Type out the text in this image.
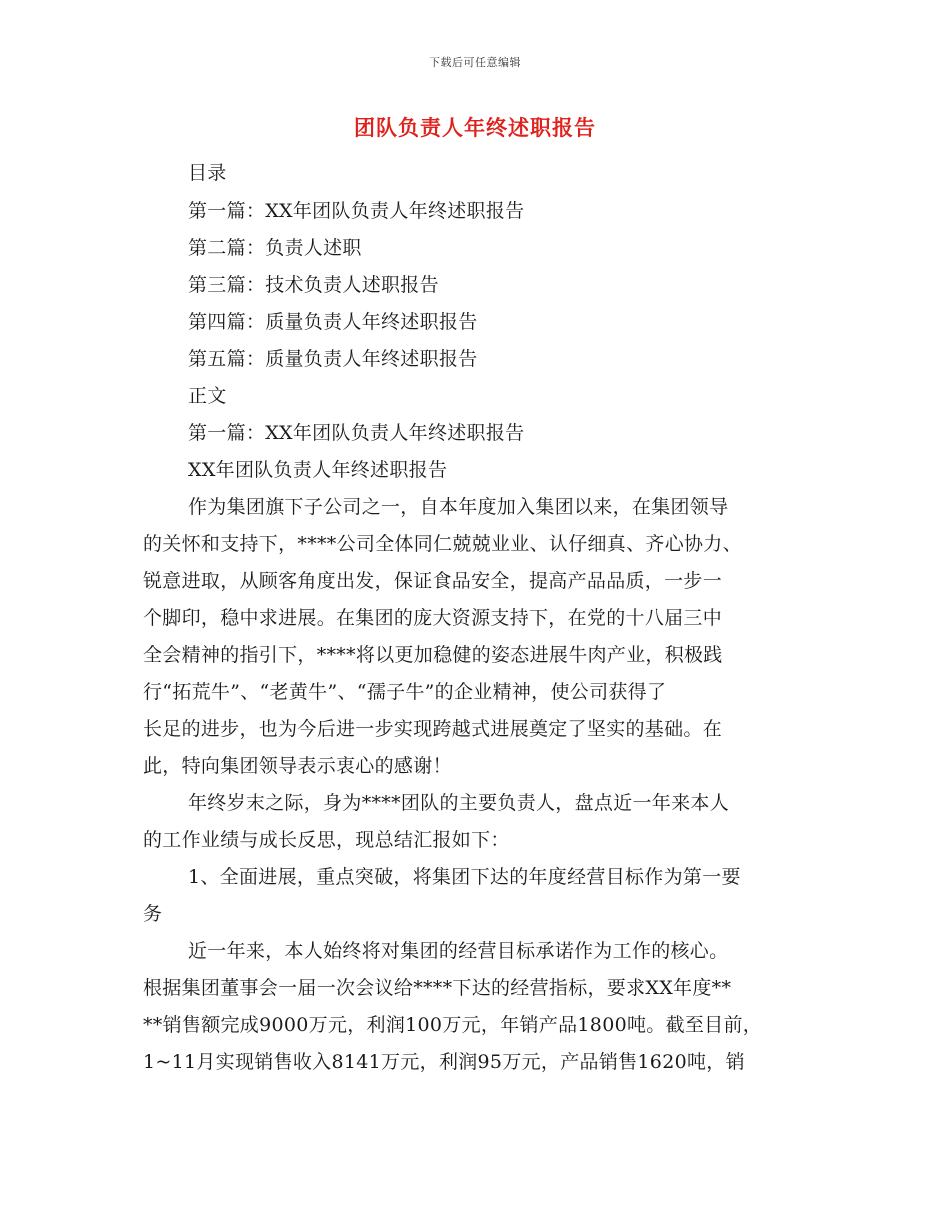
下载后可任意编辑
团队负责人年终述职报告
目录
第一篇：XX年团队负责人年终述职报告
第二篇：负责人述职
第三篇：技术负责人述职报告
第四篇：质量负责人年终述职报告
第五篇：质量负责人年终述职报告
正文
第一篇：XX年团队负责人年终述职报告
XX年团队负责人年终述职报告
作为集团旗下子公司之一，自本年度加入集团以来，在集团领导
的关怀和支持下，****公司全体同仁兢兢业业、认仔细真、齐心协力、
锐意进取，从顾客角度出发，保证食品安全，提高产品品质，一步一
个脚印，稳中求进展。在集团的庞大资源支持下，在党的十八届三中
全会精神的指引下，****将以更加稳健的姿态进展牛肉产业，积极践
行“拓荒牛”、“老黄牛”、“孺子牛”的企业精神，使公司获得了
长足的进步，也为今后进一步实现跨越式进展奠定了坚实的基础。在
此，特向集团领导表示衷心的感谢！
年终岁末之际，身为****团队的主要负责人，盘点近一年来本人
的工作业绩与成长反思，现总结汇报如下：
1、全面进展，重点突破，将集团下达的年度经营目标作为第一要
务
近一年来，本人始终将对集团的经营目标承诺作为工作的核心。
根据集团董事会一届一次会议给****下达的经营指标，要求XX年度**
**销售额完成9000万元，利润100万元，年销产品1800吨。截至目前，
1~11月实现销售收入8141万元，利润95万元，产品销售1620吨，销
